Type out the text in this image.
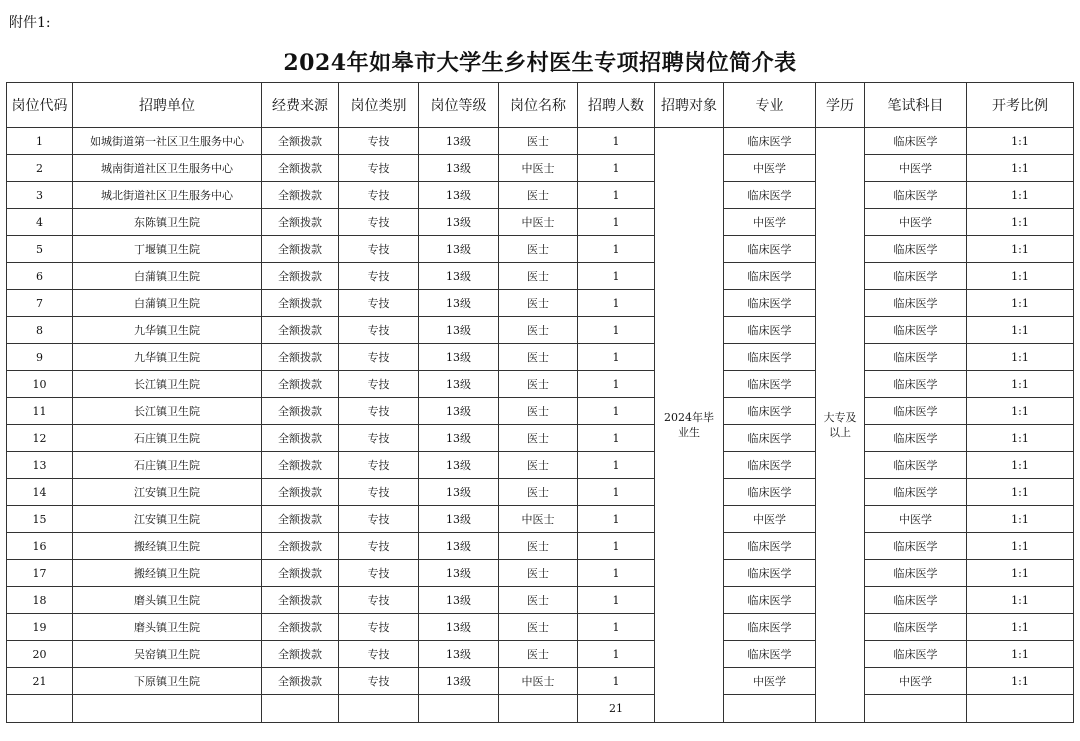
附件1:
2024年如皋市大学生乡村医生专项招聘岗位简介表
岗位代码	招聘单位	经费来源	岗位类别	岗位等级	岗位名称	招聘人数	招聘对象	专业	学历	笔试科目	开考比例
1	如城街道第一社区卫生服务中心	全额拨款	专技	13级	医士	1	2024年毕业生	临床医学	大专及以上	临床医学	1:1
2	城南街道社区卫生服务中心	全额拨款	专技	13级	中医士	1		中医学		中医学	1:1
3	城北街道社区卫生服务中心	全额拨款	专技	13级	医士	1		临床医学		临床医学	1:1
4	东陈镇卫生院	全额拨款	专技	13级	中医士	1		中医学		中医学	1:1
5	丁堰镇卫生院	全额拨款	专技	13级	医士	1		临床医学		临床医学	1:1
6	白蒲镇卫生院	全额拨款	专技	13级	医士	1		临床医学		临床医学	1:1
7	白蒲镇卫生院	全额拨款	专技	13级	医士	1		临床医学		临床医学	1:1
8	九华镇卫生院	全额拨款	专技	13级	医士	1		临床医学		临床医学	1:1
9	九华镇卫生院	全额拨款	专技	13级	医士	1		临床医学		临床医学	1:1
10	长江镇卫生院	全额拨款	专技	13级	医士	1		临床医学		临床医学	1:1
11	长江镇卫生院	全额拨款	专技	13级	医士	1		临床医学		临床医学	1:1
12	石庄镇卫生院	全额拨款	专技	13级	医士	1		临床医学		临床医学	1:1
13	石庄镇卫生院	全额拨款	专技	13级	医士	1		临床医学		临床医学	1:1
14	江安镇卫生院	全额拨款	专技	13级	医士	1		临床医学		临床医学	1:1
15	江安镇卫生院	全额拨款	专技	13级	中医士	1		中医学		中医学	1:1
16	搬经镇卫生院	全额拨款	专技	13级	医士	1		临床医学		临床医学	1:1
17	搬经镇卫生院	全额拨款	专技	13级	医士	1		临床医学		临床医学	1:1
18	磨头镇卫生院	全额拨款	专技	13级	医士	1		临床医学		临床医学	1:1
19	磨头镇卫生院	全额拨款	专技	13级	医士	1		临床医学		临床医学	1:1
20	吴窑镇卫生院	全额拨款	专技	13级	医士	1		临床医学		临床医学	1:1
21	下原镇卫生院	全额拨款	专技	13级	中医士	1		中医学		中医学	1:1
						21					
